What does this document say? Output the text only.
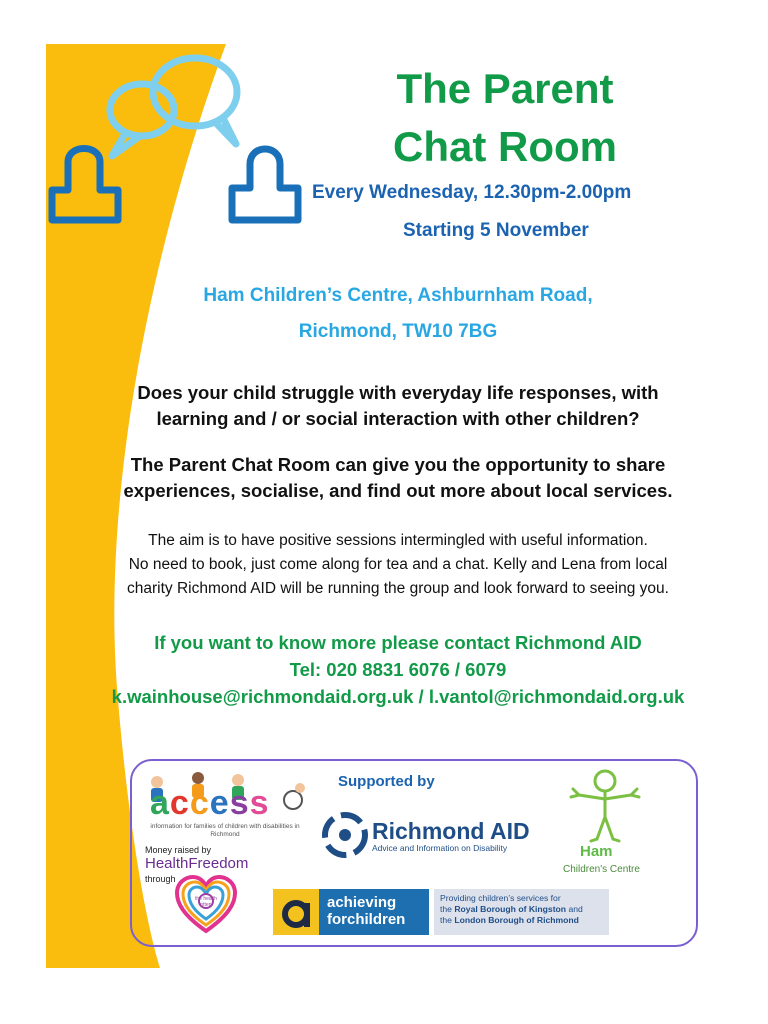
The Parent
Chat Room
Every Wednesday, 12.30pm-2.00pm
Starting 5 November
Ham Children’s Centre, Ashburnham Road,
Richmond, TW10 7BG
Does your child struggle with everyday life responses, with
learning and / or social interaction with other children?
The Parent Chat Room can give you the opportunity to share
experiences, socialise, and find out more about local services.
The aim is to have positive sessions intermingled with useful information.
No need to book, just come along for tea and a chat. Kelly and Lena from local
charity Richmond AID will be running the group and look forward to seeing you.
If you want to know more please contact Richmond AID
Tel: 020 8831 6076 / 6079
k.wainhouse@richmondaid.org.uk / l.vantol@richmondaid.org.uk
Supported by
access
information for families of children with disabilities in Richmond
Money raised by
HealthFreedom
through
the health lottery
Richmond AID
Advice and Information on Disability	Ham
Children's Centre
achieving
forchildren
Providing children’s services for
the Royal Borough of Kingston and
the London Borough of Richmond
